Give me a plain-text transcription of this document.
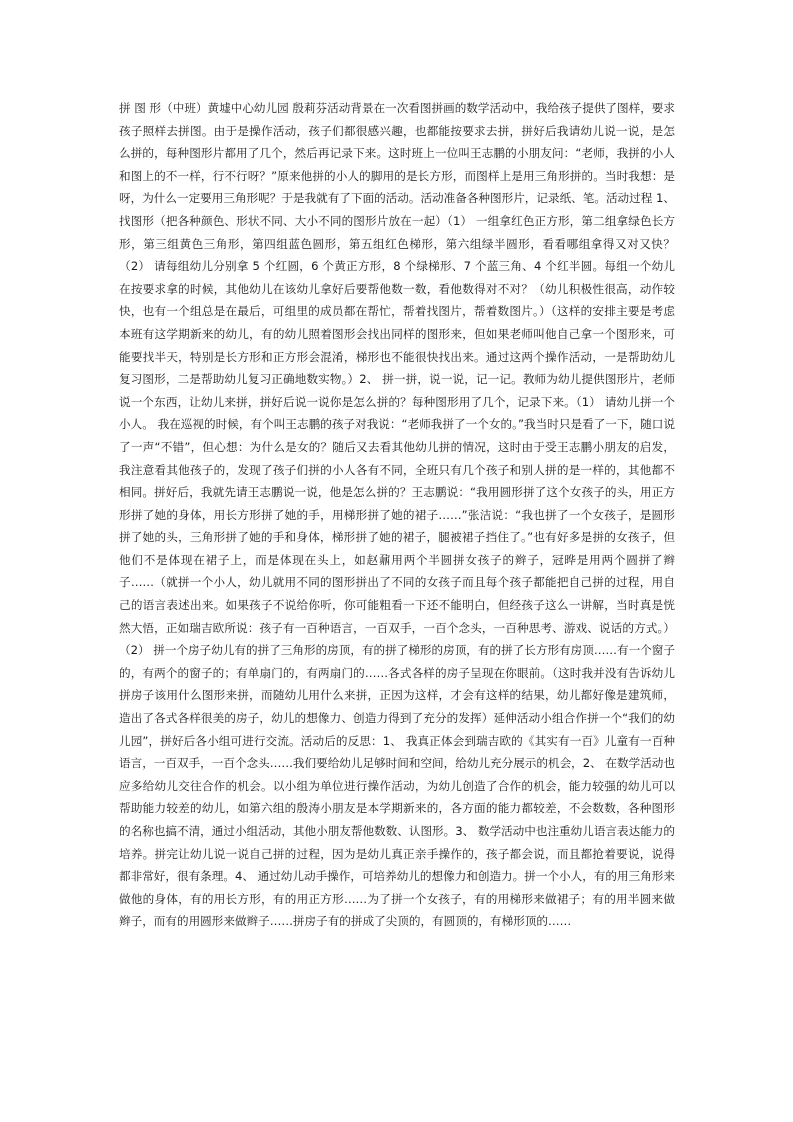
拼 图 形（中班）黄墟中心幼儿园 殷莉芬活动背景在一次看图拼画的数学活动中，我给孩子提供了图样，要求孩子照样去拼图。由于是操作活动，孩子们都很感兴趣，也都能按要求去拼，拼好后我请幼儿说一说，是怎么拼的，每种图形片都用了几个，然后再记录下来。这时班上一位叫王志鹏的小朋友问：“老师，我拼的小人和图上的不一样，行不行呀？”原来他拼的小人的脚用的是长方形，而图样上是用三角形拼的。当时我想：是呀，为什么一定要用三角形呢？于是我就有了下面的活动。活动准备各种图形片，记录纸、笔。活动过程 1、 找图形（把各种颜色、形状不同、大小不同的图形片放在一起）（1） 一组拿红色正方形，第二组拿绿色长方形，第三组黄色三角形，第四组蓝色圆形，第五组红色梯形，第六组绿半圆形，看看哪组拿得又对又快？（2） 请每组幼儿分别拿 5 个红圆，6 个黄正方形，8 个绿梯形、7 个蓝三角、4 个红半圆。每组一个幼儿在按要求拿的时候，其他幼儿在该幼儿拿好后要帮他数一数，看他数得对不对？（幼儿积极性很高，动作较快，也有一个组总是在最后，可组里的成员都在帮忙，帮着找图片，帮着数图片。）（这样的安排主要是考虑本班有这学期新来的幼儿，有的幼儿照着图形会找出同样的图形来，但如果老师叫他自己拿一个图形来，可能要找半天，特别是长方形和正方形会混淆，梯形也不能很快找出来。通过这两个操作活动，一是帮助幼儿复习图形，二是帮助幼儿复习正确地数实物。）2、 拼一拼，说一说，记一记。教师为幼儿提供图形片，老师说一个东西，让幼儿来拼，拼好后说一说你是怎么拼的？每种图形用了几个，记录下来。（1） 请幼儿拼一个小人。 我在巡视的时候，有个叫王志鹏的孩子对我说：“老师我拼了一个女的。”我当时只是看了一下，随口说了一声“不错”，但心想：为什么是女的？随后又去看其他幼儿拼的情况，这时由于受王志鹏小朋友的启发，我注意看其他孩子的，发现了孩子们拼的小人各有不同，全班只有几个孩子和别人拼的是一样的，其他都不相同。拼好后，我就先请王志鹏说一说，他是怎么拼的？王志鹏说：“我用圆形拼了这个女孩子的头，用正方形拼了她的身体，用长方形拼了她的手，用梯形拼了她的裙子……”张洁说：“我也拼了一个女孩子，是圆形拼了她的头，三角形拼了她的手和身体，梯形拼了她的裙子，腿被裙子挡住了。”也有好多是拼的女孩子，但他们不是体现在裙子上，而是体现在头上，如赵鼐用两个半圆拼女孩子的辫子，冠晔是用两个圆拼了辫子……（就拼一个小人，幼儿就用不同的图形拼出了不同的女孩子而且每个孩子都能把自己拼的过程，用自己的语言表述出来。如果孩子不说给你听，你可能粗看一下还不能明白，但经孩子这么一讲解，当时真是恍然大悟，正如瑞吉欧所说：孩子有一百种语言，一百双手，一百个念头，一百种思考、游戏、说话的方式。）（2） 拼一个房子幼儿有的拼了三角形的房顶，有的拼了梯形的房顶，有的拼了长方形有房顶……有一个窗子的，有两个的窗子的；有单扇门的，有两扇门的……各式各样的房子呈现在你眼前。（这时我并没有告诉幼儿拼房子该用什么图形来拼，而随幼儿用什么来拼，正因为这样，才会有这样的结果，幼儿都好像是建筑师，造出了各式各样很美的房子，幼儿的想像力、创造力得到了充分的发挥）延伸活动小组合作拼一个“我们的幼儿园”，拼好后各小组可进行交流。活动后的反思：1、 我真正体会到瑞吉欧的《其实有一百》儿童有一百种语言，一百双手，一百个念头……我们要给幼儿足够时间和空间，给幼儿充分展示的机会，2、 在数学活动也应多给幼儿交往合作的机会。以小组为单位进行操作活动，为幼儿创造了合作的机会，能力较强的幼儿可以帮助能力较差的幼儿，如第六组的殷涛小朋友是本学期新来的，各方面的能力都较差，不会数数，各种图形的名称也搞不清，通过小组活动，其他小朋友帮他数数、认图形。3、 数学活动中也注重幼儿语言表达能力的培养。拼完让幼儿说一说自己拼的过程，因为是幼儿真正亲手操作的，孩子都会说，而且都抢着要说，说得都非常好，很有条理。4、 通过幼儿动手操作，可培养幼儿的想像力和创造力。拼一个小人，有的用三角形来做他的身体，有的用长方形，有的用正方形……为了拼一个女孩子，有的用梯形来做裙子；有的用半圆来做辫子，而有的用圆形来做辫子……拼房子有的拼成了尖顶的，有圆顶的，有梯形顶的……
